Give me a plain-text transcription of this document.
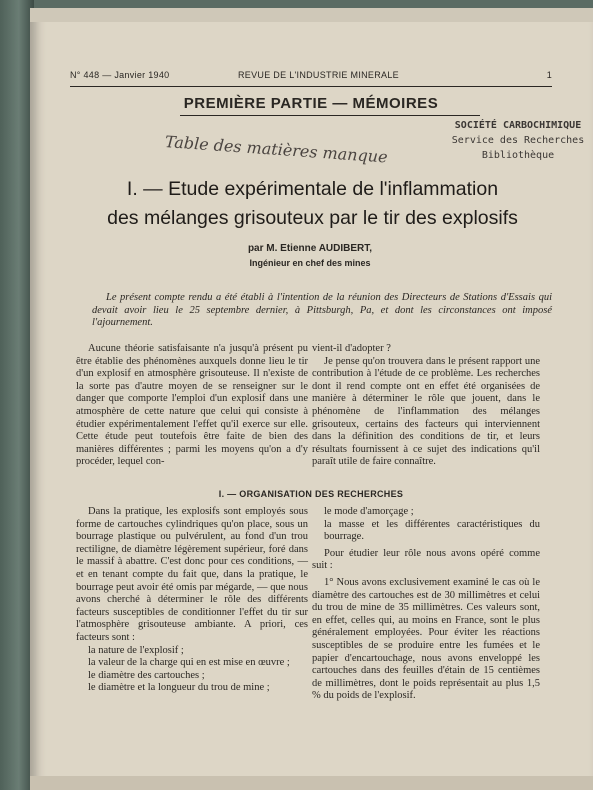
N° 448 — Janvier 1940	REVUE DE L'INDUSTRIE MINERALE	1
PREMIÈRE PARTIE — MÉMOIRES
Table des matières manque
SOCIÉTÉ CARBOCHIMIQUE
Service des Recherches
Bibliothèque
I. — Etude expérimentale de l'inflammation
des mélanges grisouteux par le tir des explosifs
par M. Etienne AUDIBERT,
Ingénieur en chef des mines
Le présent compte rendu a été établi à l'intention de la réunion des Directeurs de Stations d'Essais qui devait avoir lieu le 25 septembre dernier, à Pittsburgh, Pa, et dont les circonstances ont imposé l'ajournement.

Aucune théorie satisfaisante n'a jusqu'à présent pu être établie des phénomènes auxquels donne lieu le tir d'un explosif en atmosphère grisouteuse. Il n'existe de la sorte pas d'autre moyen de se renseigner sur le danger que comporte l'emploi d'un explosif dans une atmosphère de cette nature que celui qui consiste à étudier expérimentalement l'effet qu'il exerce sur elle. Cette étude peut toutefois être faite de bien des manières différentes ; parmi les moyens qu'on a d'y procéder, lequel con-

vient-il d'adopter ?

Je pense qu'on trouvera dans le présent rapport une contribution à l'étude de ce problème. Les recherches dont il rend compte ont en effet été organisées de manière à déterminer le rôle que jouent, dans le phénomène de l'inflammation des mélanges grisouteux, certains des facteurs qui interviennent dans la définition des conditions de tir, et leurs résultats fournissent à ce sujet des indications qu'il paraît utile de faire connaître.

I. — ORGANISATION DES RECHERCHES

Dans la pratique, les explosifs sont employés sous forme de cartouches cylindriques qu'on place, sous un bourrage plastique ou pulvérulent, au fond d'un trou rectiligne, de diamètre légèrement supérieur, foré dans le massif à abattre. C'est donc pour ces conditions, — et en tenant compte du fait que, dans la pratique, le bourrage peut avoir été omis par mégarde, — que nous avons cherché à déterminer le rôle des différents facteurs susceptibles de conditionner l'effet du tir sur l'atmosphère grisouteuse ambiante. A priori, ces facteurs sont :

la nature de l'explosif ;

la valeur de la charge qui en est mise en œuvre ;

le diamètre des cartouches ;

le diamètre et la longueur du trou de mine ;

le mode d'amorçage ;

la masse et les différentes caractéristiques du bourrage.

Pour étudier leur rôle nous avons opéré comme suit :

1° Nous avons exclusivement examiné le cas où le diamètre des cartouches est de 30 millimètres et celui du trou de mine de 35 millimètres. Ces valeurs sont, en effet, celles qui, au moins en France, sont le plus généralement employées. Pour éviter les réactions susceptibles de se produire entre les fumées et le papier d'encartouchage, nous avons enveloppé les cartouches dans des feuilles d'étain de 15 centièmes de millimètres, dont le poids représentait au plus 1,5 % du poids de l'explosif.
